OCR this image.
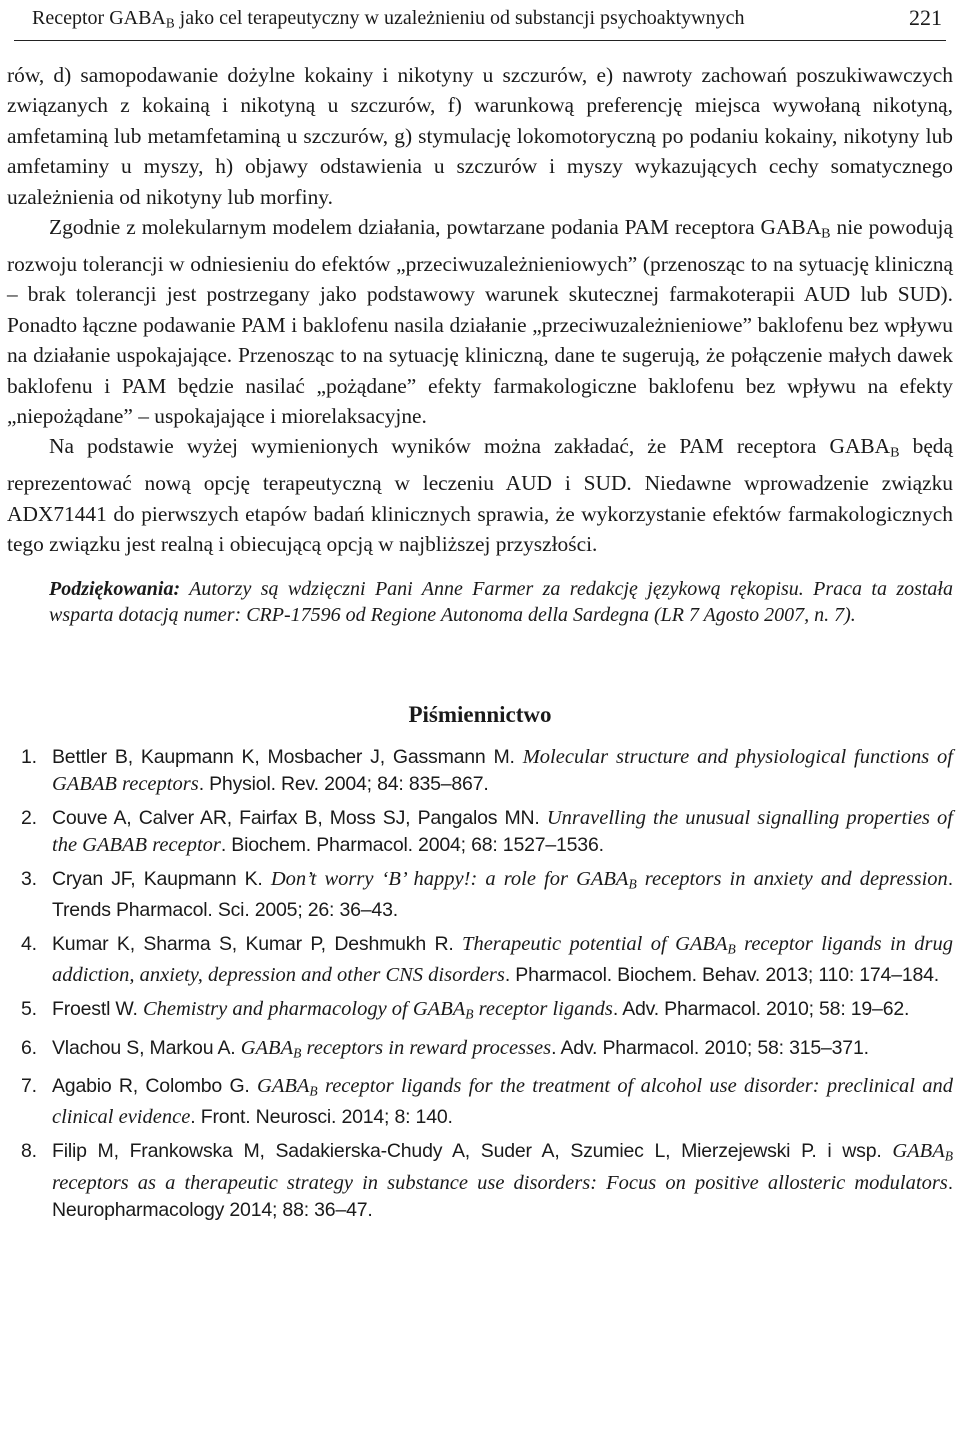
Receptor $GABA_B$ jako cel terapeutyczny w uzależnieniu od substancji psychoaktywnych	221

rów, d) samopodawanie dożylne kokainy i nikotyny u szczurów, e) nawroty zachowań poszukiwawczych związanych z kokainą i nikotyną u szczurów, f) warunkową preferencję miejsca wywołaną nikotyną, amfetaminą lub metamfetaminą u szczurów, g) stymulację lokomotoryczną po podaniu kokainy, nikotyny lub amfetaminy u myszy, h) objawy odstawienia u szczurów i myszy wykazujących cechy somatycznego uzależnienia od nikotyny lub morfiny.

Zgodnie z molekularnym modelem działania, powtarzane podania PAM receptora $GABA_B$ nie powodują rozwoju tolerancji w odniesieniu do efektów „przeciwuzależnieniowych” (przenosząc to na sytuację kliniczną – brak tolerancji jest postrzegany jako podstawowy warunek skutecznej farmakoterapii AUD lub SUD). Ponadto łączne podawanie PAM i baklofenu nasila działanie „przeciwuzależnieniowe” baklofenu bez wpływu na działanie uspokajające. Przenosząc to na sytuację kliniczną, dane te sugerują, że połączenie małych dawek baklofenu i PAM będzie nasilać „pożądane” efekty farmakologiczne baklofenu bez wpływu na efekty „niepożądane” – uspokajające i miorelaksacyjne.

Na podstawie wyżej wymienionych wyników można zakładać, że PAM receptora $GABA_B$ będą reprezentować nową opcję terapeutyczną w leczeniu AUD i SUD. Niedawne wprowadzenie związku ADX71441 do pierwszych etapów badań klinicznych sprawia, że wykorzystanie efektów farmakologicznych tego związku jest realną i obiecującą opcją w najbliższej przyszłości.

Podziękowania: Autorzy są wdzięczni Pani Anne Farmer za redakcję językową rękopisu. Praca ta została wsparta dotacją numer: CRP-17596 od Regione Autonoma della Sardegna (LR 7 Agosto 2007, n. 7).

Piśmiennictwo
1. Bettler B, Kaupmann K, Mosbacher J, Gassmann M. Molecular structure and physiological functions of GABAB receptors. Physiol. Rev. 2004; 84: 835–867.
2. Couve A, Calver AR, Fairfax B, Moss SJ, Pangalos MN. Unravelling the unusual signalling properties of the GABAB receptor. Biochem. Pharmacol. 2004; 68: 1527–1536.
3. Cryan JF, Kaupmann K. Don’t worry ‘B’ happy!: a role for $GABA_B$ receptors in anxiety and depression. Trends Pharmacol. Sci. 2005; 26: 36–43.
4. Kumar K, Sharma S, Kumar P, Deshmukh R. Therapeutic potential of $GABA_B$ receptor ligands in drug addiction, anxiety, depression and other CNS disorders. Pharmacol. Biochem. Behav. 2013; 110: 174–184.
5. Froestl W. Chemistry and pharmacology of $GABA_B$ receptor ligands. Adv. Pharmacol. 2010; 58: 19–62.
6. Vlachou S, Markou A. $GABA_B$ receptors in reward processes. Adv. Pharmacol. 2010; 58: 315–371.
7. Agabio R, Colombo G. $GABA_B$ receptor ligands for the treatment of alcohol use disorder: preclinical and clinical evidence. Front. Neurosci. 2014; 8: 140.
8. Filip M, Frankowska M, Sadakierska-Chudy A, Suder A, Szumiec L, Mierzejewski P. i wsp. $GABA_B$ receptors as a therapeutic strategy in substance use disorders: Focus on positive allosteric modulators. Neuropharmacology 2014; 88: 36–47.
